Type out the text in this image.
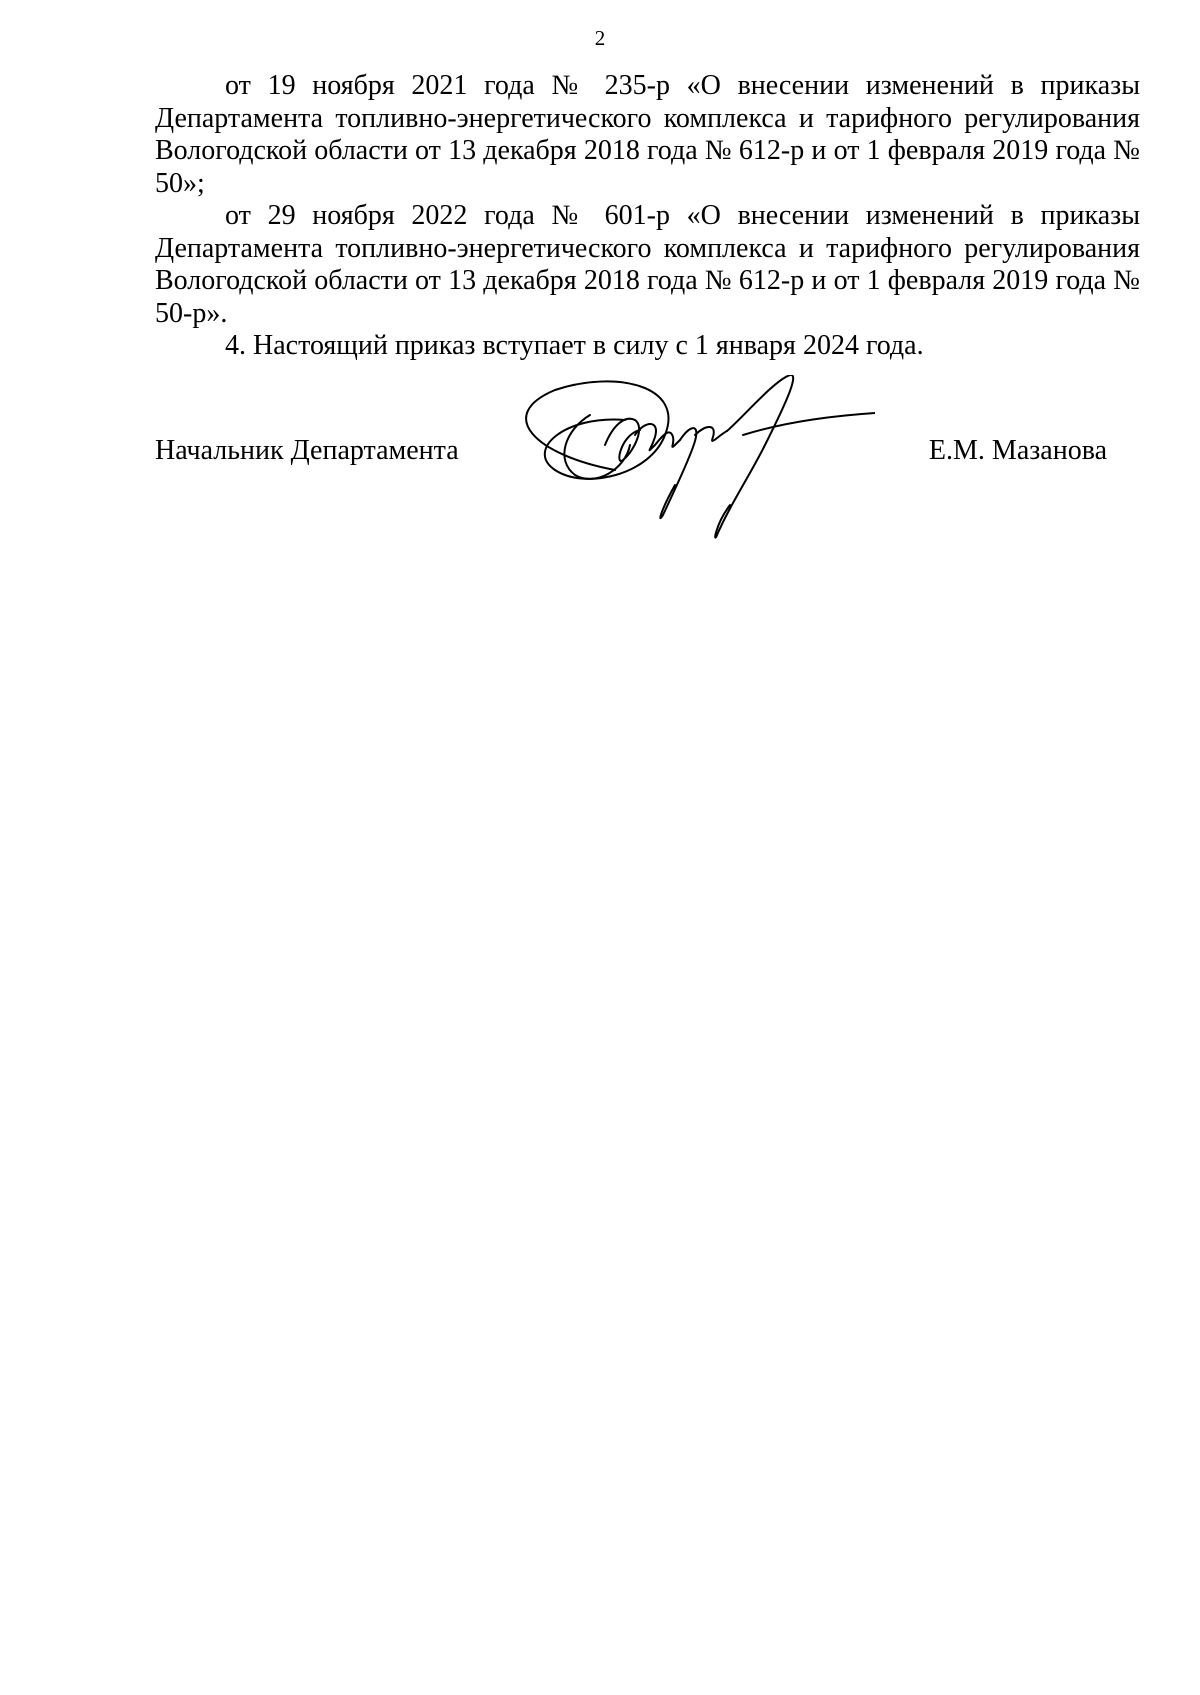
2

от 19 ноября 2021 года № 235-р «О внесении изменений в приказы Департамента топливно-энергетического комплекса и тарифного регулирования Вологодской области от 13 декабря 2018 года № 612-р и от 1 февраля 2019 года № 50»;

от 29 ноября 2022 года № 601-р «О внесении изменений в приказы Департамента топливно-энергетического комплекса и тарифного регулирования Вологодской области от 13 декабря 2018 года № 612-р и от 1 февраля 2019 года № 50-р».

4. Настоящий приказ вступает в силу с 1 января 2024 года.

Начальник Департамента	Е.М. Мазанова
